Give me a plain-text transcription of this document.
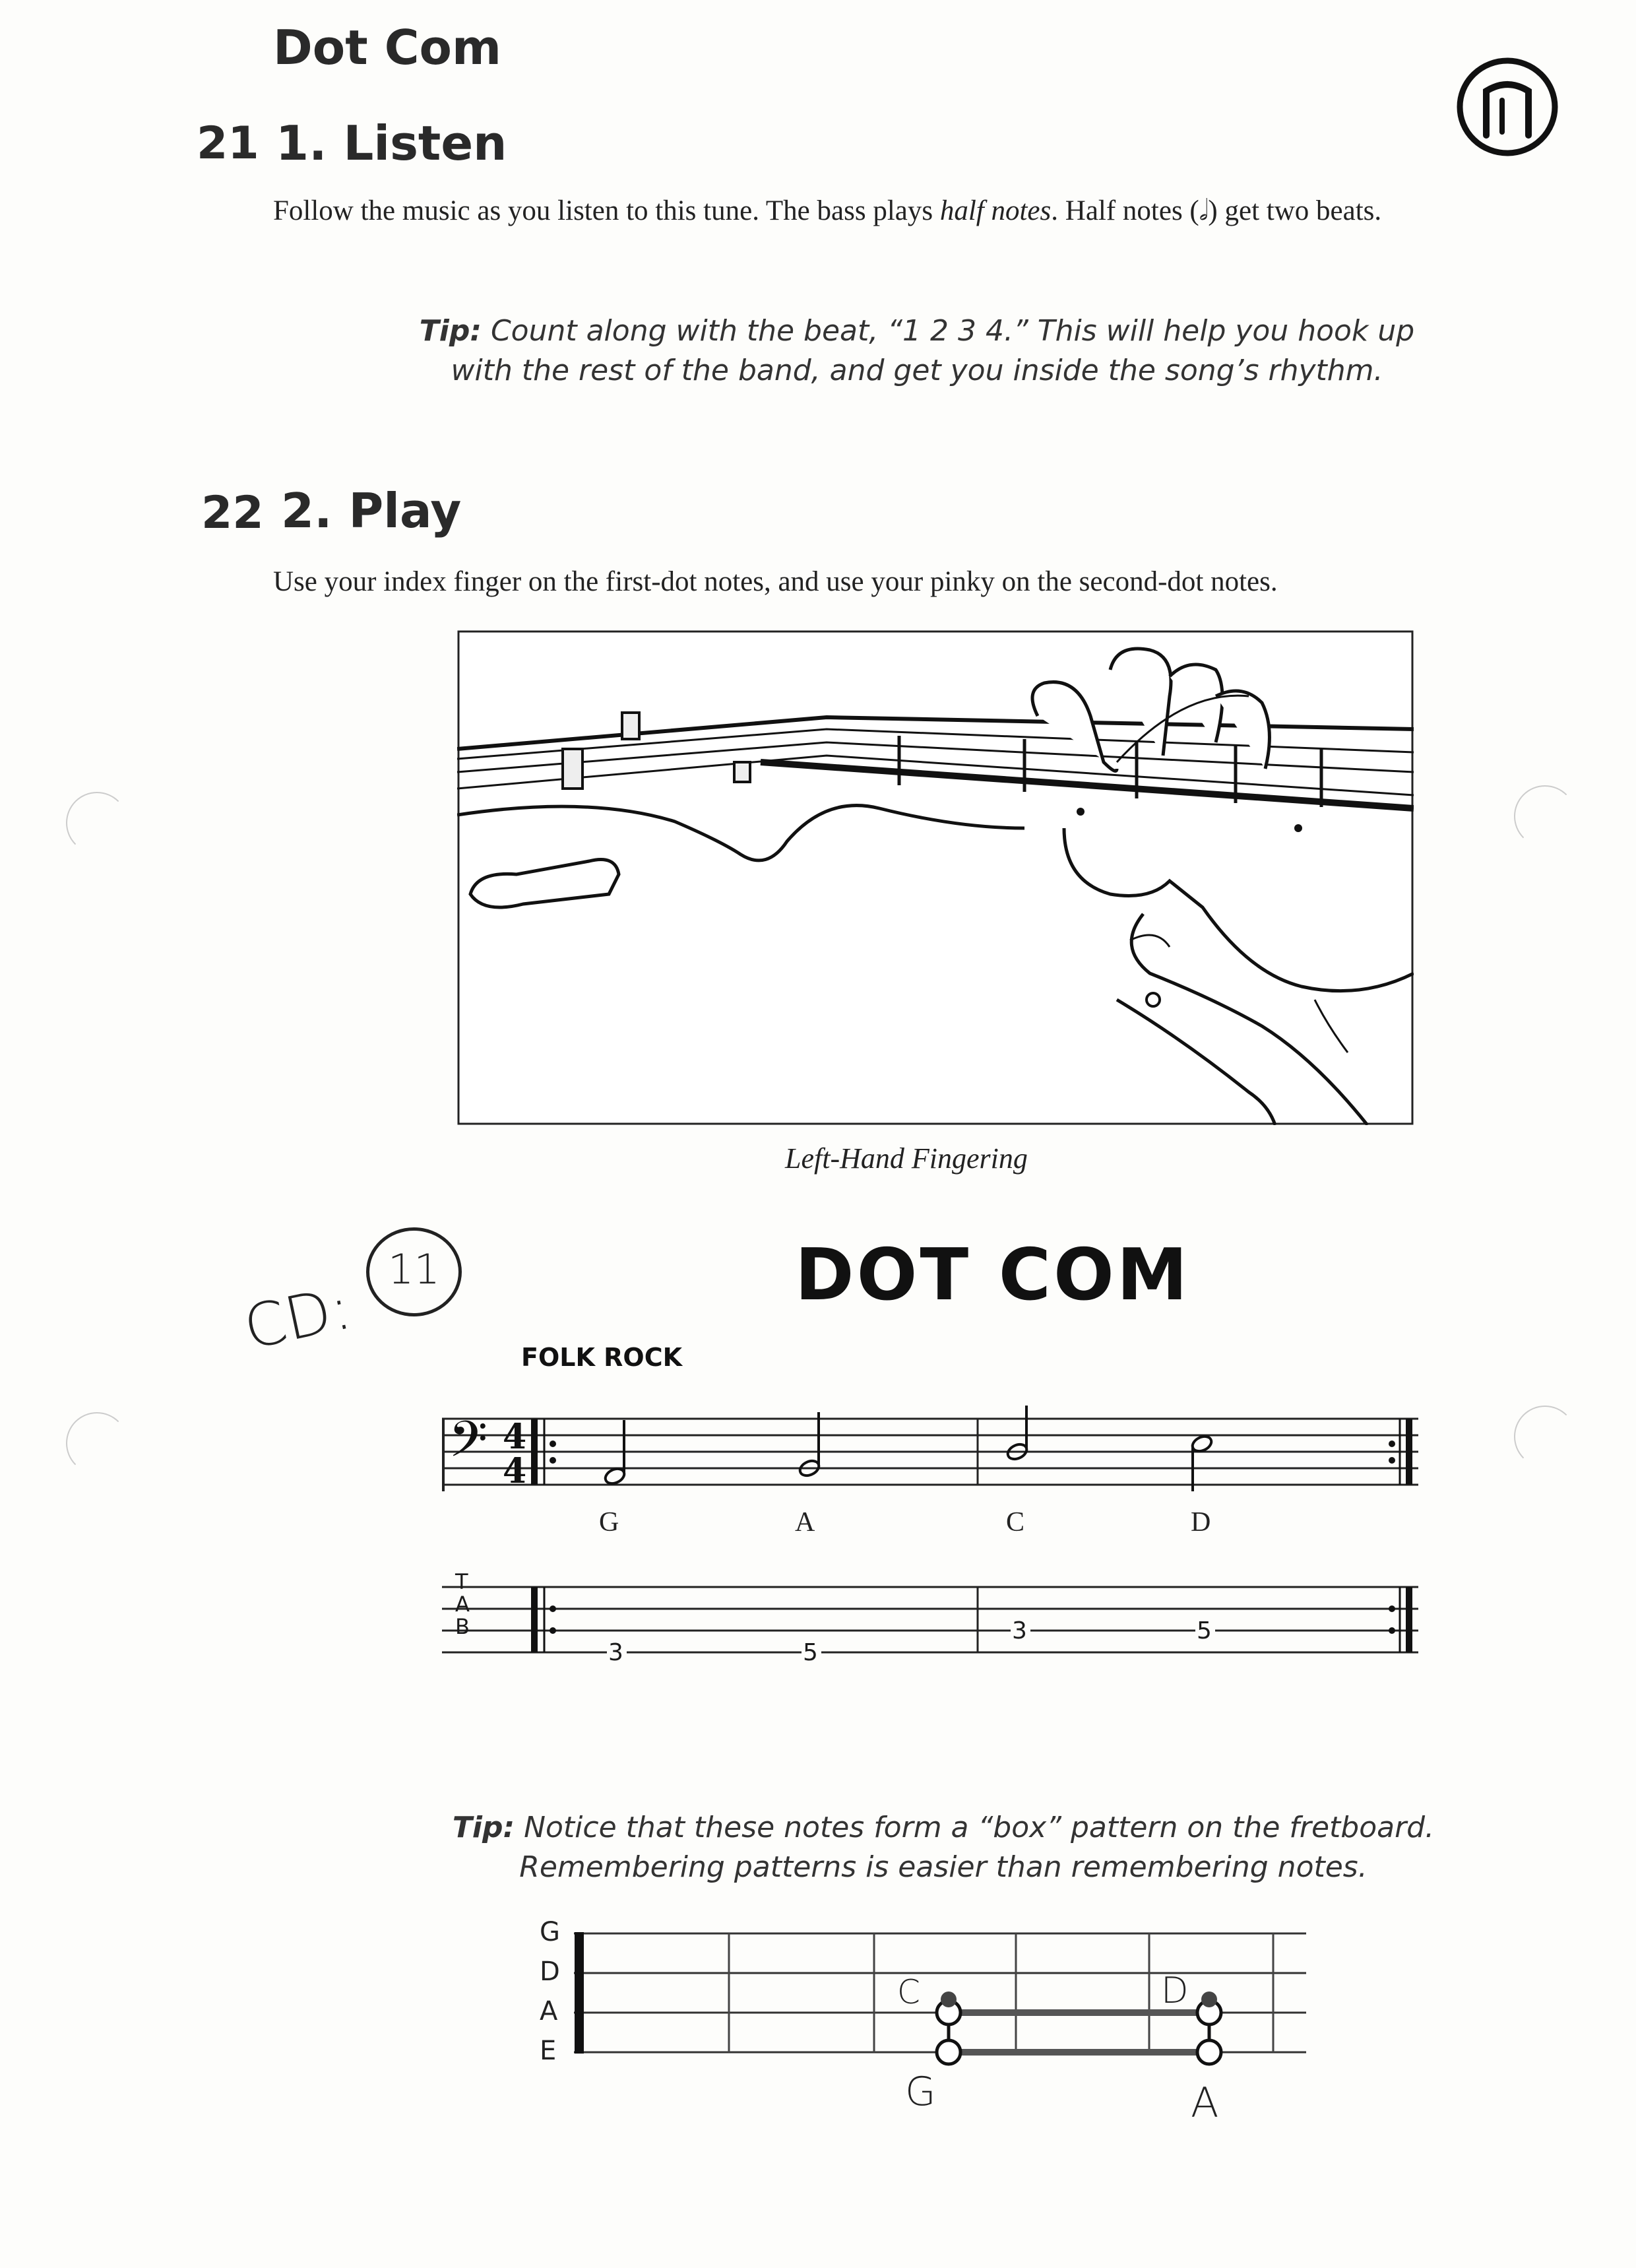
Dot Com
21 1. Listen
Follow the music as you listen to this tune. The bass plays half notes. Half notes (𝅗𝅥) get two beats.
Tip: Count along with the beat, “1 2 3 4.” This will help you hook up
with the rest of the band, and get you inside the song’s rhythm.
22 2. Play
Use your index finger on the first-dot notes, and use your pinky on the second-dot notes.
Left-Hand Fingering
CD:
11	DOT COM
FOLK ROCK
𝄢 4
4
G	A	C	D
T
A
B
3	5
3	5
Tip: Notice that these notes form a “box” pattern on the fretboard.
Remembering patterns is easier than remembering notes.
G
D
A
E
C	D
G	A
